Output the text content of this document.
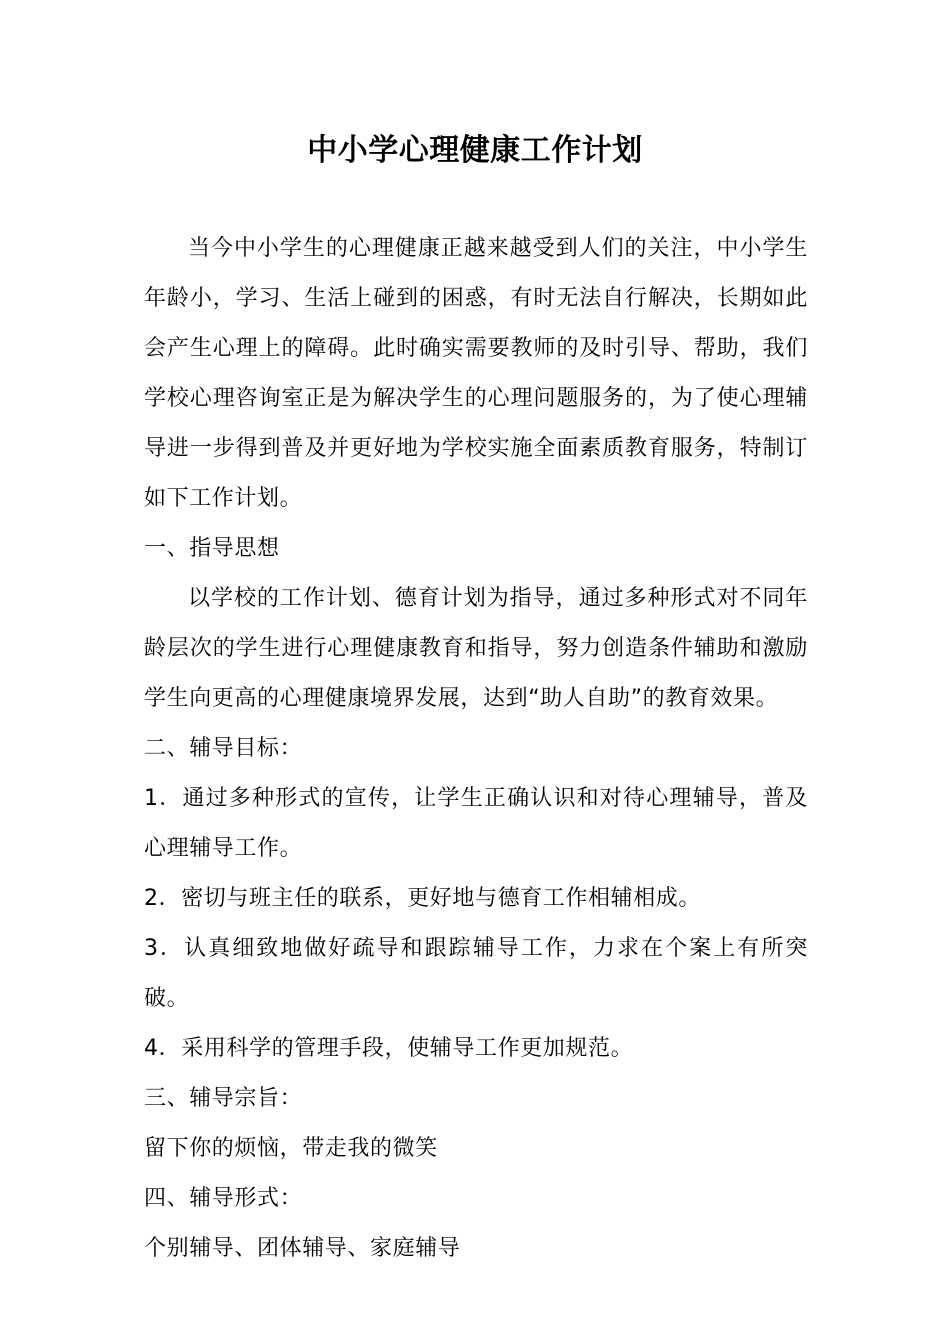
中小学心理健康工作计划

当今中小学生的心理健康正越来越受到人们的关注，中小学生年龄小，学习、生活上碰到的困惑，有时无法自行解决，长期如此会产生心理上的障碍。此时确实需要教师的及时引导、帮助，我们学校心理咨询室正是为解决学生的心理问题服务的，为了使心理辅导进一步得到普及并更好地为学校实施全面素质教育服务，特制订如下工作计划。

一、指导思想

以学校的工作计划、德育计划为指导，通过多种形式对不同年龄层次的学生进行心理健康教育和指导，努力创造条件辅助和激励学生向更高的心理健康境界发展，达到“助人自助”的教育效果。

二、辅导目标：

1．通过多种形式的宣传，让学生正确认识和对待心理辅导，普及心理辅导工作。

2．密切与班主任的联系，更好地与德育工作相辅相成。

3．认真细致地做好疏导和跟踪辅导工作，力求在个案上有所突破。

4．采用科学的管理手段，使辅导工作更加规范。

三、辅导宗旨：

留下你的烦恼，带走我的微笑

四、辅导形式：

个别辅导、团体辅导、家庭辅导
